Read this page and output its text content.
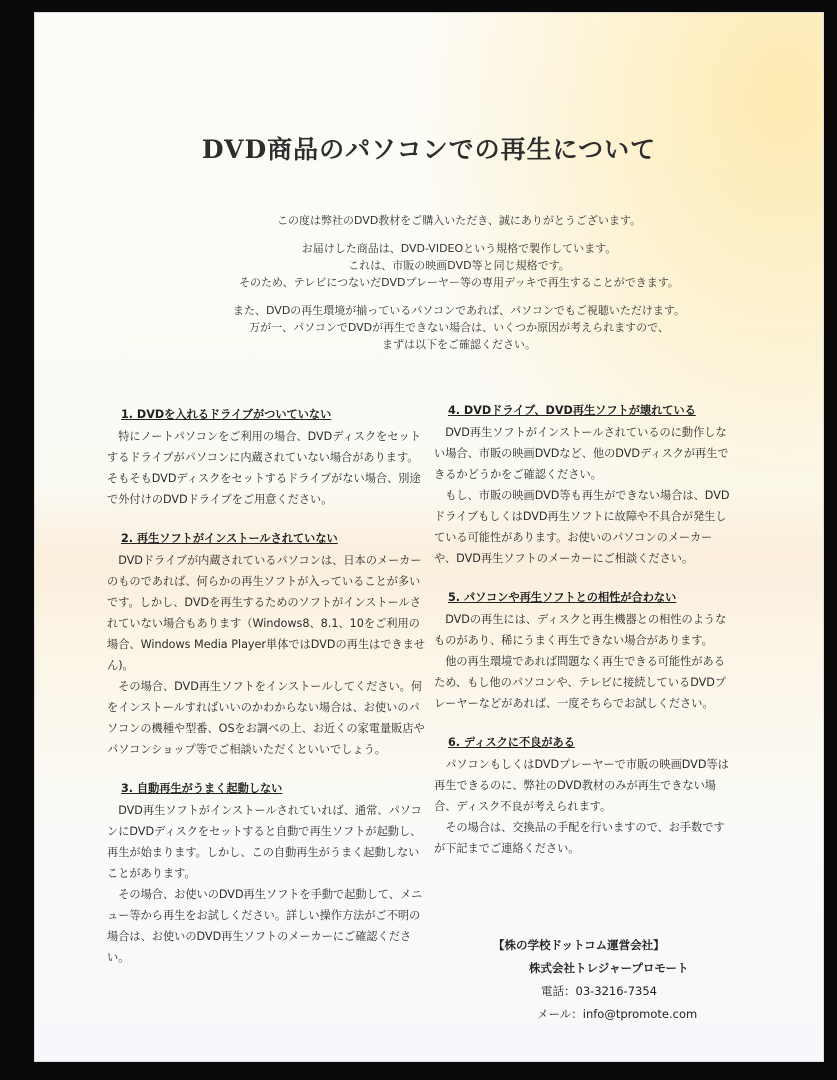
DVD商品のパソコンでの再生について
この度は弊社のDVD教材をご購入いただき、誠にありがとうございます。
お届けした商品は、DVD-VIDEOという規格で製作しています。
これは、市販の映画DVD等と同じ規格です。
そのため、テレビにつないだDVDプレーヤー等の専用デッキで再生することができます。
また、DVDの再生環境が揃っているパソコンであれば、パソコンでもご視聴いただけます。
万が一、パソコンでDVDが再生できない場合は、いくつか原因が考えられますので、
まずは以下をご確認ください。
1. DVDを入れるドライブがついていない

特にノートパソコンをご利用の場合、DVDディスクをセットするドライブがパソコンに内蔵されていない場合があります。そもそもDVDディスクをセットするドライブがない場合、別途で外付けのDVDドライブをご用意ください。

2. 再生ソフトがインストールされていない

DVDドライブが内蔵されているパソコンは、日本のメーカーのものであれば、何らかの再生ソフトが入っていることが多いです。しかし、DVDを再生するためのソフトがインストールされていない場合もあります（Windows8、8.1、10をご利用の場合、Windows Media Player単体ではDVDの再生はできません)。

その場合、DVD再生ソフトをインストールしてください。何をインストールすればいいのかわからない場合は、お使いのパソコンの機種や型番、OSをお調べの上、お近くの家電量販店やパソコンショップ等でご相談いただくといいでしょう。

3. 自動再生がうまく起動しない

DVD再生ソフトがインストールされていれば、通常、パソコンにDVDディスクをセットすると自動で再生ソフトが起動し、再生が始まります。しかし、この自動再生がうまく起動しないことがあります。

その場合、お使いのDVD再生ソフトを手動で起動して、メニュー等から再生をお試しください。詳しい操作方法がご不明の場合は、お使いのDVD再生ソフトのメーカーにご確認ください。

4. DVDドライブ、DVD再生ソフトが壊れている

DVD再生ソフトがインストールされているのに動作しない場合、市販の映画DVDなど、他のDVDディスクが再生できるかどうかをご確認ください。

もし、市販の映画DVD等も再生ができない場合は、DVDドライブもしくはDVD再生ソフトに故障や不具合が発生している可能性があります。お使いのパソコンのメーカーや、DVD再生ソフトのメーカーにご相談ください。

5. パソコンや再生ソフトとの相性が合わない

DVDの再生には、ディスクと再生機器との相性のようなものがあり、稀にうまく再生できない場合があります。

他の再生環境であれば問題なく再生できる可能性があるため、もし他のパソコンや、テレビに接続しているDVDプレーヤーなどがあれば、一度そちらでお試しください。

6. ディスクに不良がある

パソコンもしくはDVDプレーヤーで市販の映画DVD等は再生できるのに、弊社のDVD教材のみが再生できない場合、ディスク不良が考えられます。

その場合は、交換品の手配を行いますので、お手数ですが下記までご連絡ください。

【株の学校ドットコム運営会社】
株式会社トレジャープロモート
電話：03-3216-7354
メール：info@tpromote.com
